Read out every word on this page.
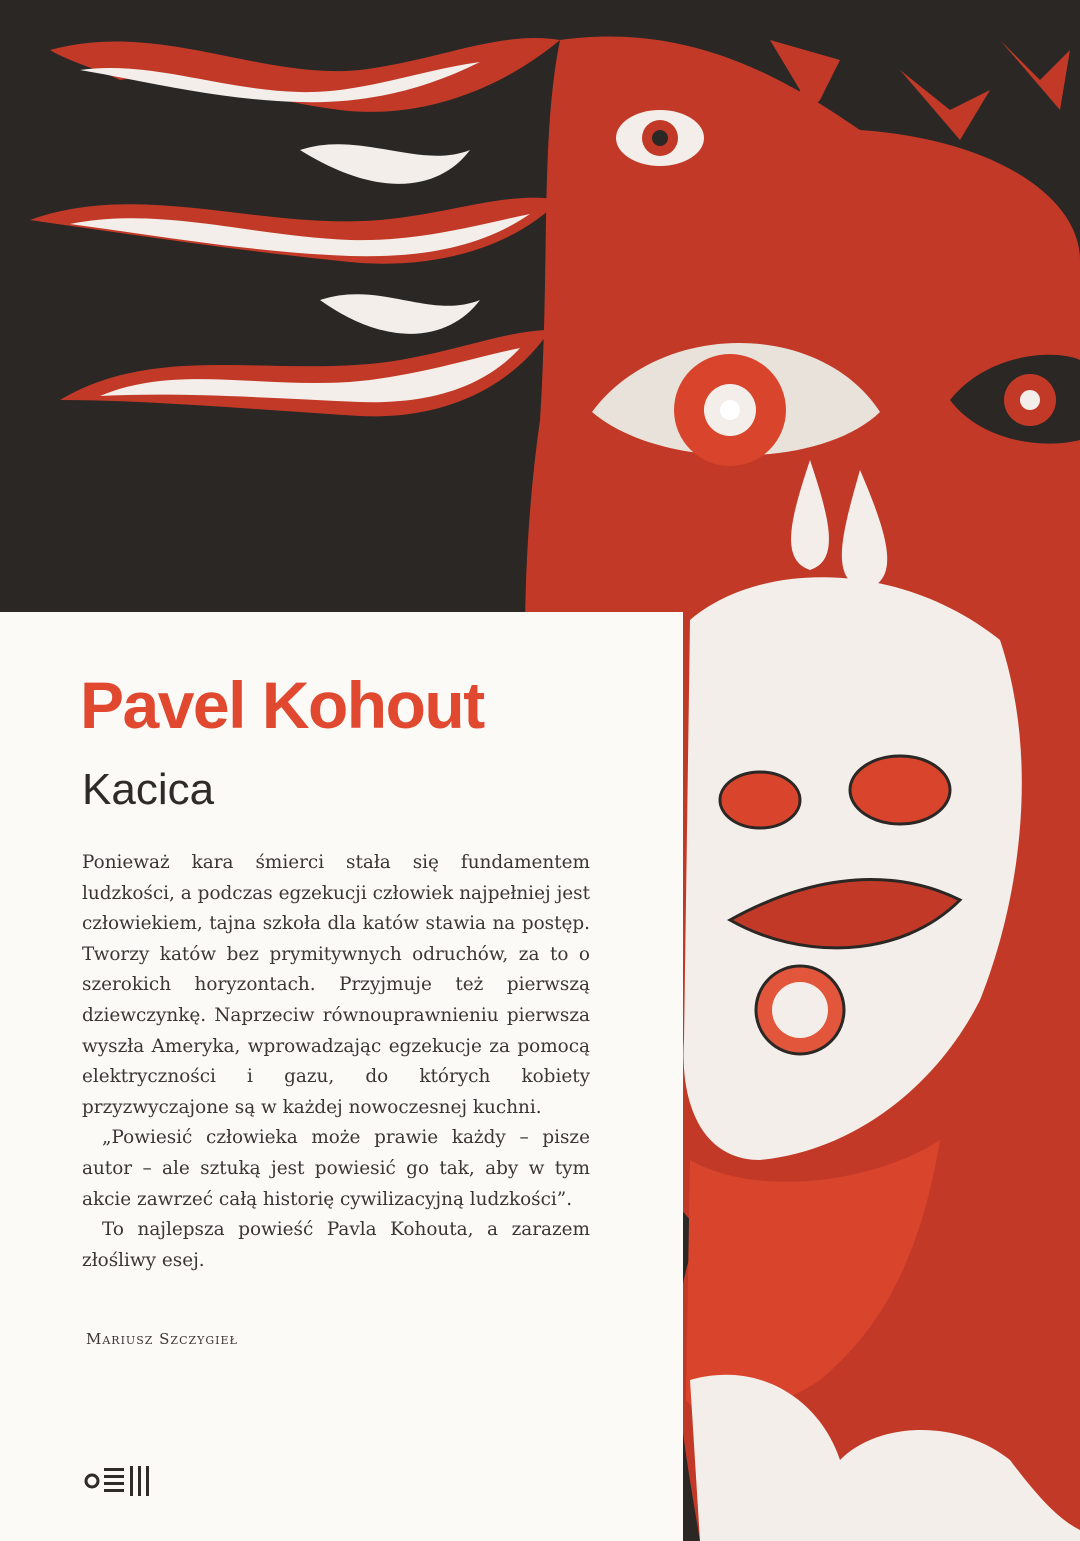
Pavel Kohout
Kacica

Ponieważ kara śmierci stała się fundamentem ludzkości, a podczas egzekucji człowiek najpełniej jest człowiekiem, tajna szkoła dla katów stawia na postęp. Tworzy katów bez prymitywnych odruchów, za to o szerokich horyzontach. Przyjmuje też pierwszą dziewczynkę. Naprzeciw równouprawnieniu pierwsza wyszła Ameryka, wprowadzając egzekucje za pomocą elektryczności i gazu, do których kobiety przyzwyczajone są w każdej nowoczesnej kuchni.

„Powiesić człowieka może prawie każdy – pisze autor – ale sztuką jest powiesić go tak, aby w tym akcie zawrzeć całą historię cywilizacyjną ludzkości”.

To najlepsza powieść Pavla Kohouta, a zarazem złośliwy esej.

Mariusz Szczygieł
